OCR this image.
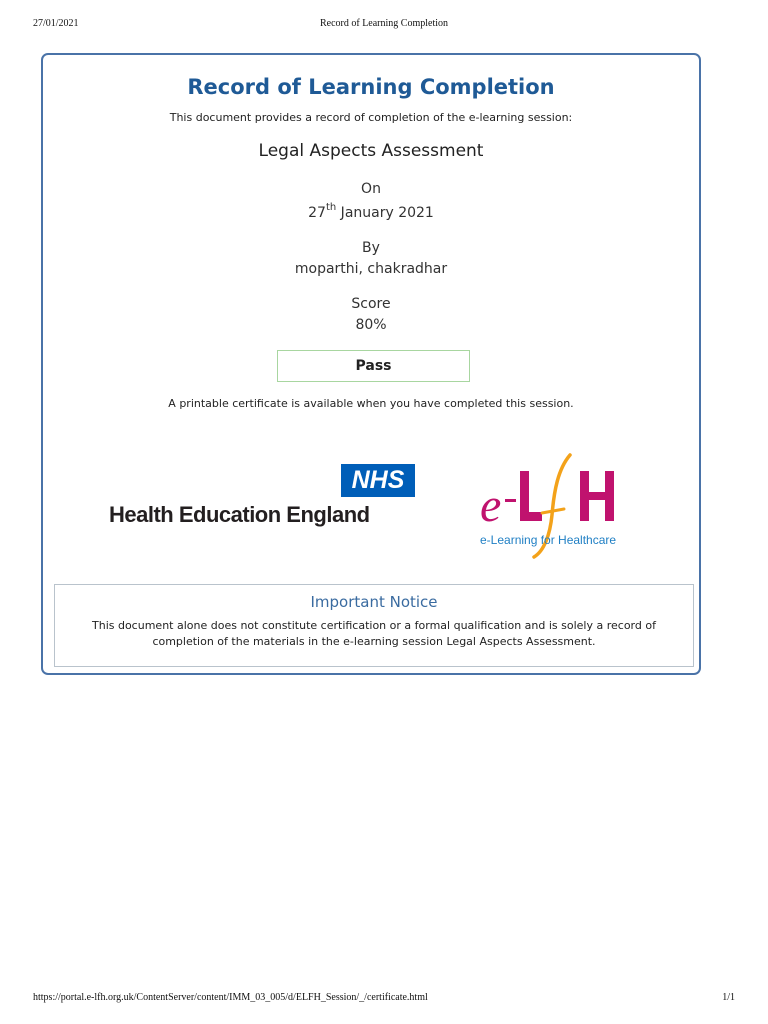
27/01/2021	Record of Learning Completion
Record of Learning Completion
This document provides a record of completion of the e-learning session:
Legal Aspects Assessment
On
27th January 2021
By
moparthi, chakradhar
Score
80%
Pass
A printable certificate is available when you have completed this session.
NHS
Health Education England	e
e-Learning for Healthcare
Important Notice
This document alone does not constitute certification or a formal qualification and is solely a record of completion of the materials in the e-learning session Legal Aspects Assessment.
https://portal.e-lfh.org.uk/ContentServer/content/IMM_03_005/d/ELFH_Session/_/certificate.html	1/1
